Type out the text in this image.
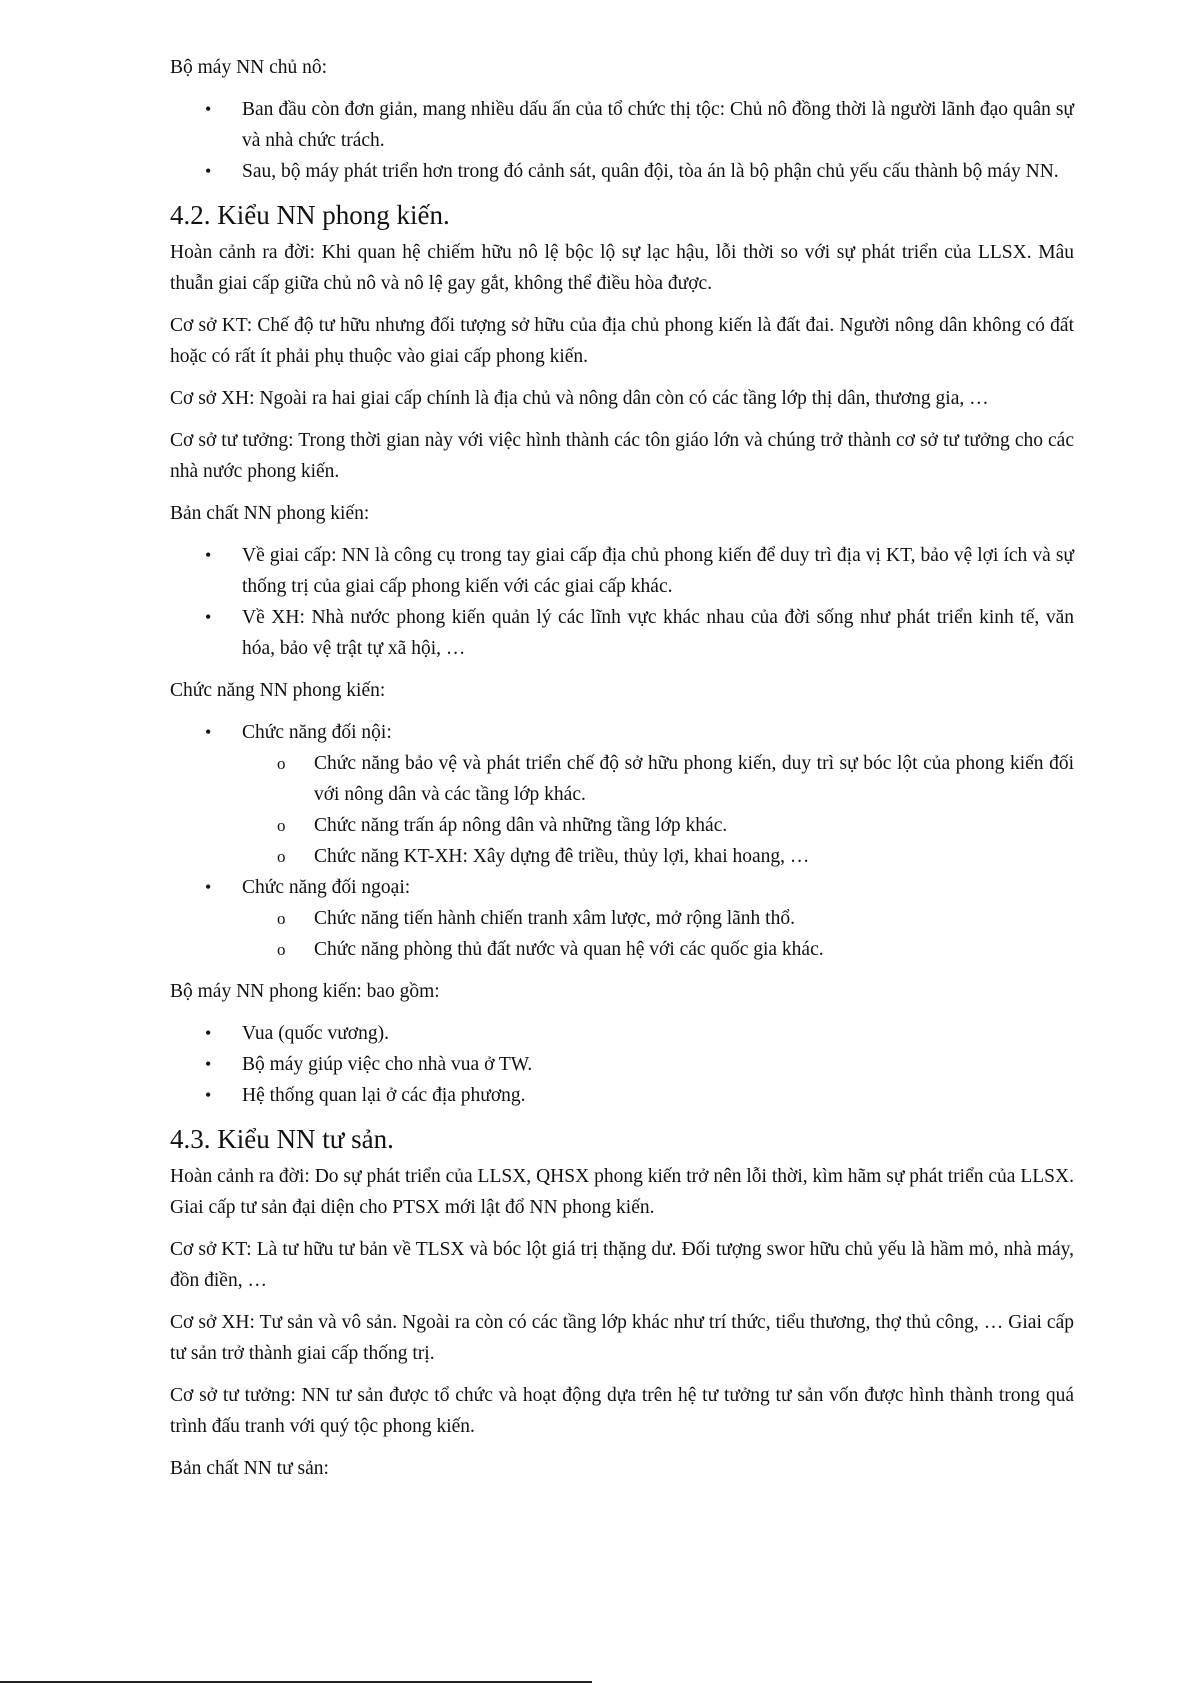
Bộ máy NN chủ nô:

• Ban đầu còn đơn giản, mang nhiều dấu ấn của tổ chức thị tộc: Chủ nô đồng thời là người lãnh đạo quân sự và nhà chức trách.
• Sau, bộ máy phát triển hơn trong đó cảnh sát, quân đội, tòa án là bộ phận chủ yếu cấu thành bộ máy NN.
4.2. Kiểu NN phong kiến.

Hoàn cảnh ra đời: Khi quan hệ chiếm hữu nô lệ bộc lộ sự lạc hậu, lỗi thời so với sự phát triển của LLSX. Mâu thuẫn giai cấp giữa chủ nô và nô lệ gay gắt, không thể điều hòa được.

Cơ sở KT: Chế độ tư hữu nhưng đối tượng sở hữu của địa chủ phong kiến là đất đai. Người nông dân không có đất hoặc có rất ít phải phụ thuộc vào giai cấp phong kiến.

Cơ sở XH: Ngoài ra hai giai cấp chính là địa chủ và nông dân còn có các tầng lớp thị dân, thương gia, …

Cơ sở tư tưởng: Trong thời gian này với việc hình thành các tôn giáo lớn và chúng trở thành cơ sở tư tưởng cho các nhà nước phong kiến.

Bản chất NN phong kiến:

• Về giai cấp: NN là công cụ trong tay giai cấp địa chủ phong kiến để duy trì địa vị KT, bảo vệ lợi ích và sự thống trị của giai cấp phong kiến với các giai cấp khác.
• Về XH: Nhà nước phong kiến quản lý các lĩnh vực khác nhau của đời sống như phát triển kinh tế, văn hóa, bảo vệ trật tự xã hội, …

Chức năng NN phong kiến:

• Chức năng đối nội:
o Chức năng bảo vệ và phát triển chế độ sở hữu phong kiến, duy trì sự bóc lột của phong kiến đối với nông dân và các tầng lớp khác.
o Chức năng trấn áp nông dân và những tầng lớp khác.
o Chức năng KT-XH: Xây dựng đê triều, thủy lợi, khai hoang, …
• Chức năng đối ngoại:
o Chức năng tiến hành chiến tranh xâm lược, mở rộng lãnh thổ.
o Chức năng phòng thủ đất nước và quan hệ với các quốc gia khác.

Bộ máy NN phong kiến: bao gồm:

• Vua (quốc vương).
• Bộ máy giúp việc cho nhà vua ở TW.
• Hệ thống quan lại ở các địa phương.
4.3. Kiểu NN tư sản.

Hoàn cảnh ra đời: Do sự phát triển của LLSX, QHSX phong kiến trở nên lỗi thời, kìm hãm sự phát triển của LLSX. Giai cấp tư sản đại diện cho PTSX mới lật đổ NN phong kiến.

Cơ sở KT: Là tư hữu tư bản về TLSX và bóc lột giá trị thặng dư. Đối tượng swor hữu chủ yếu là hầm mỏ, nhà máy, đồn điền, …

Cơ sở XH: Tư sản và vô sản. Ngoài ra còn có các tầng lớp khác như trí thức, tiểu thương, thợ thủ công, … Giai cấp tư sản trở thành giai cấp thống trị.

Cơ sở tư tưởng: NN tư sản được tổ chức và hoạt động dựa trên hệ tư tưởng tư sản vốn được hình thành trong quá trình đấu tranh với quý tộc phong kiến.

Bản chất NN tư sản:
